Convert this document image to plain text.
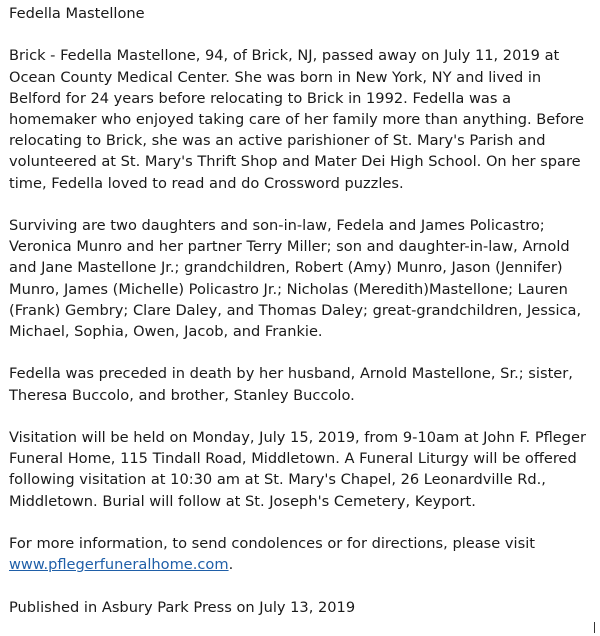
Fedella Mastellone

Brick - Fedella Mastellone, 94, of Brick, NJ, passed away on July 11, 2019 at Ocean County Medical Center. She was born in New York, NY and lived in Belford for 24 years before relocating to Brick in 1992. Fedella was a homemaker who enjoyed taking care of her family more than anything. Before relocating to Brick, she was an active parishioner of St. Mary's Parish and volunteered at St. Mary's Thrift Shop and Mater Dei High School. On her spare time, Fedella loved to read and do Crossword puzzles.

Surviving are two daughters and son-in-law, Fedela and James Policastro; Veronica Munro and her partner Terry Miller; son and daughter-in-law, Arnold and Jane Mastellone Jr.; grandchildren, Robert (Amy) Munro, Jason (Jennifer) Munro, James (Michelle) Policastro Jr.; Nicholas (Meredith)Mastellone; Lauren (Frank) Gembry; Clare Daley, and Thomas Daley; great-grandchildren, Jessica, Michael, Sophia, Owen, Jacob, and Frankie.

Fedella was preceded in death by her husband, Arnold Mastellone, Sr.; sister, Theresa Buccolo, and brother, Stanley Buccolo.

Visitation will be held on Monday, July 15, 2019, from 9-10am at John F. Pfleger Funeral Home, 115 Tindall Road, Middletown. A Funeral Liturgy will be offered following visitation at 10:30 am at St. Mary's Chapel, 26 Leonardville Rd., Middletown. Burial will follow at St. Joseph's Cemetery, Keyport.

For more information, to send condolences or for directions, please visit
www.pflegerfuneralhome.com.

Published in Asbury Park Press on July 13, 2019
